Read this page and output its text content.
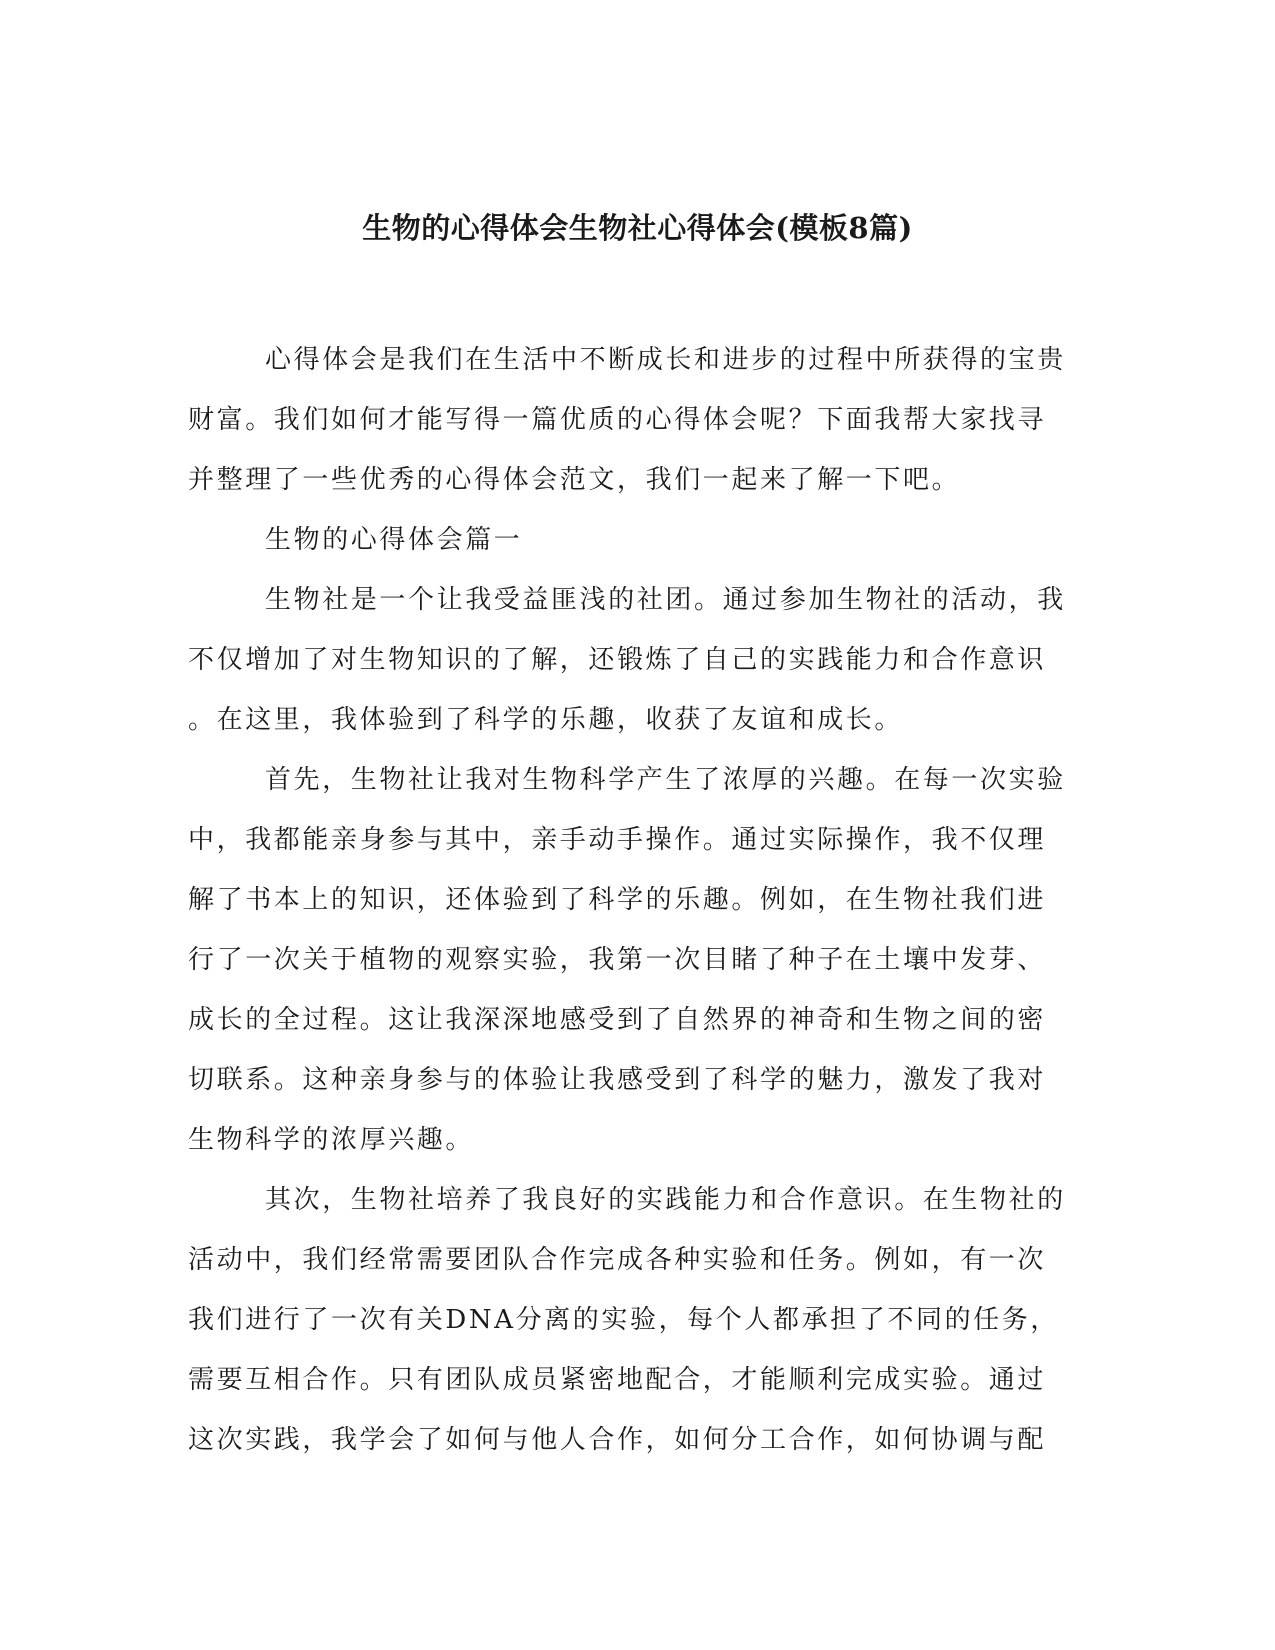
生物的心得体会生物社心得体会(模板8篇)
心得体会是我们在生活中不断成长和进步的过程中所获得的宝贵
财富。我们如何才能写得一篇优质的心得体会呢？下面我帮大家找寻
并整理了一些优秀的心得体会范文，我们一起来了解一下吧。
生物的心得体会篇一
生物社是一个让我受益匪浅的社团。通过参加生物社的活动，我
不仅增加了对生物知识的了解，还锻炼了自己的实践能力和合作意识
。在这里，我体验到了科学的乐趣，收获了友谊和成长。
首先，生物社让我对生物科学产生了浓厚的兴趣。在每一次实验
中，我都能亲身参与其中，亲手动手操作。通过实际操作，我不仅理
解了书本上的知识，还体验到了科学的乐趣。例如，在生物社我们进
行了一次关于植物的观察实验，我第一次目睹了种子在土壤中发芽、
成长的全过程。这让我深深地感受到了自然界的神奇和生物之间的密
切联系。这种亲身参与的体验让我感受到了科学的魅力，激发了我对
生物科学的浓厚兴趣。
其次，生物社培养了我良好的实践能力和合作意识。在生物社的
活动中，我们经常需要团队合作完成各种实验和任务。例如，有一次
我们进行了一次有关DNA分离的实验，每个人都承担了不同的任务，
需要互相合作。只有团队成员紧密地配合，才能顺利完成实验。通过
这次实践，我学会了如何与他人合作，如何分工合作，如何协调与配
